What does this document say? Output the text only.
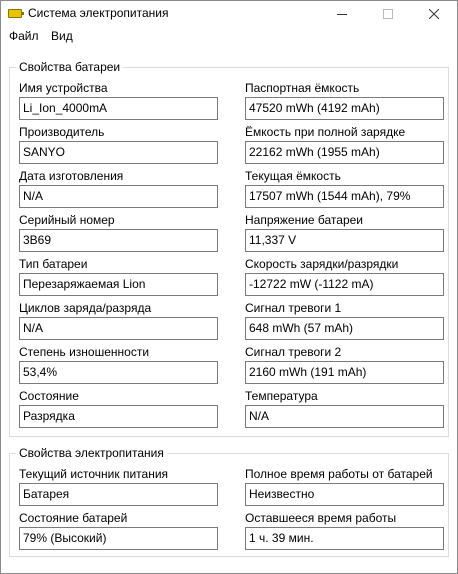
Система электропитания
Файл Вид
Свойства батареи
Имя устройства
Li_Ion_4000mA
Паспортная ёмкость
47520 mWh (4192 mAh)
Производитель
SANYO
Ёмкость при полной зарядке
22162 mWh (1955 mAh)
Дата изготовления
N/A
Текущая ёмкость
17507 mWh (1544 mAh), 79%
Серийный номер
3B69
Напряжение батареи
11,337 V
Тип батареи
Перезаряжаемая Lion
Скорость зарядки/разрядки
-12722 mW (-1122 mA)
Циклов заряда/разряда
N/A
Сигнал тревоги 1
648 mWh (57 mAh)
Степень изношенности
53,4%
Сигнал тревоги 2
2160 mWh (191 mAh)
Состояние
Разрядка
Температура
N/A
Свойства электропитания
Текущий источник питания
Батарея
Полное время работы от батарей
Неизвестно
Состояние батарей
79% (Высокий)
Оставшееся время работы
1 ч. 39 мин.
